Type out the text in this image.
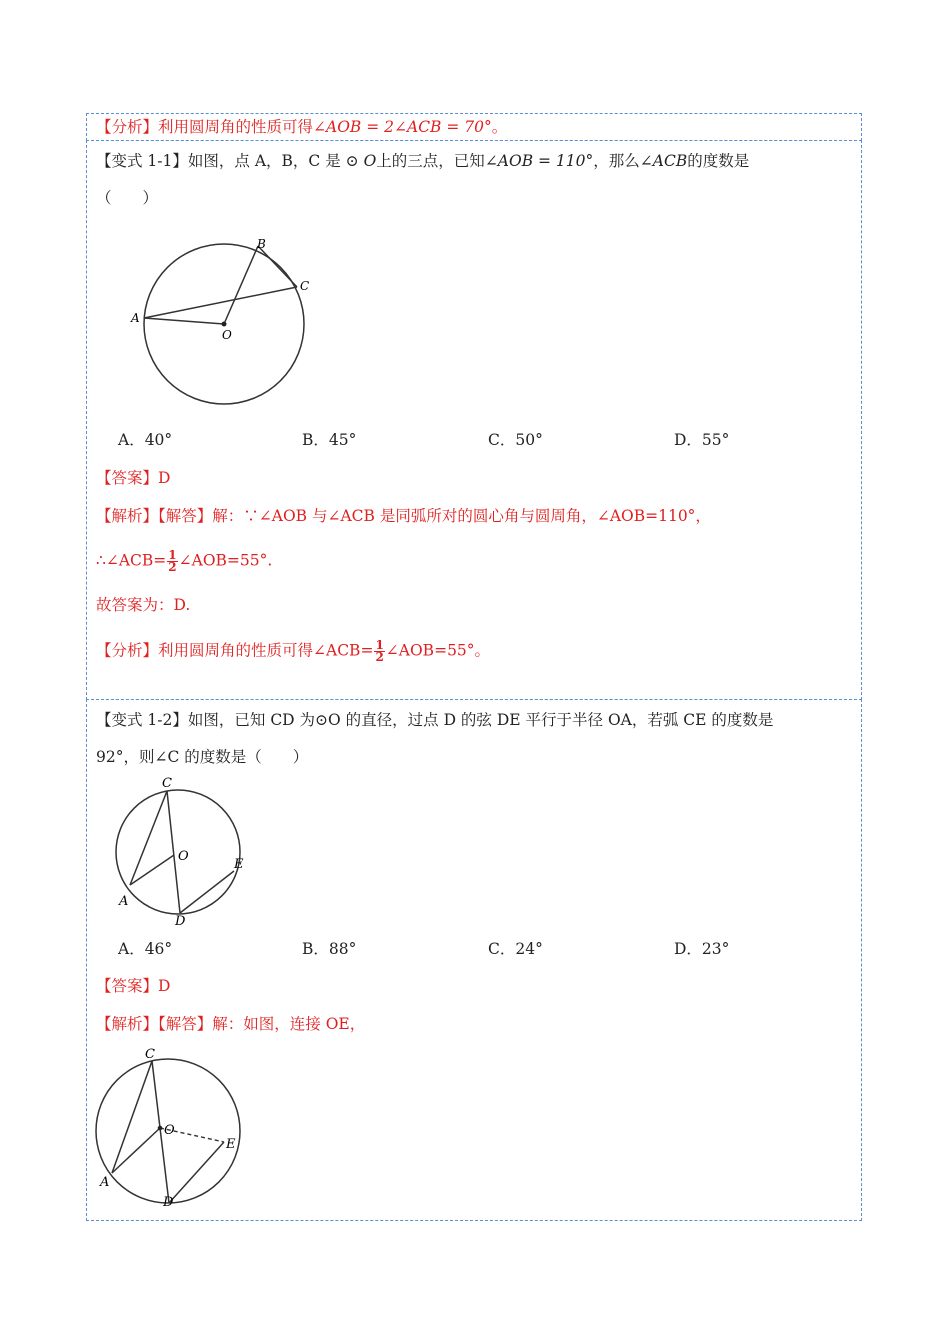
【分析】利用圆周角的性质可得∠AOB = 2∠ACB = 70°。
【变式 1-1】如图，点 A，B，C 是 ⊙ O上的三点，已知∠AOB = 110°，那么∠ACB的度数是
（　　）
A
B
C
O
A．40°	B．45°	C．50°	D．55°
【答案】D
【解析】【解答】解：∵∠AOB 与∠ACB 是同弧所对的圆心角与圆周角，∠AOB=110°，
∴∠ACB= $\frac{1}{2}$ ∠AOB=55°.
故答案为：D.
【分析】利用圆周角的性质可得∠ACB= $\frac{1}{2}$ ∠AOB=55°。
【变式 1-2】如图，已知 CD 为⊙O 的直径，过点 D 的弦 DE 平行于半径 OA，若弧 CE 的度数是
92°，则∠C 的度数是（　　）
C
O
E
A
D
A．46°	B．88°	C．24°	D．23°
【答案】D
【解析】【解答】解：如图，连接 OE，
C
O
E
A
D
